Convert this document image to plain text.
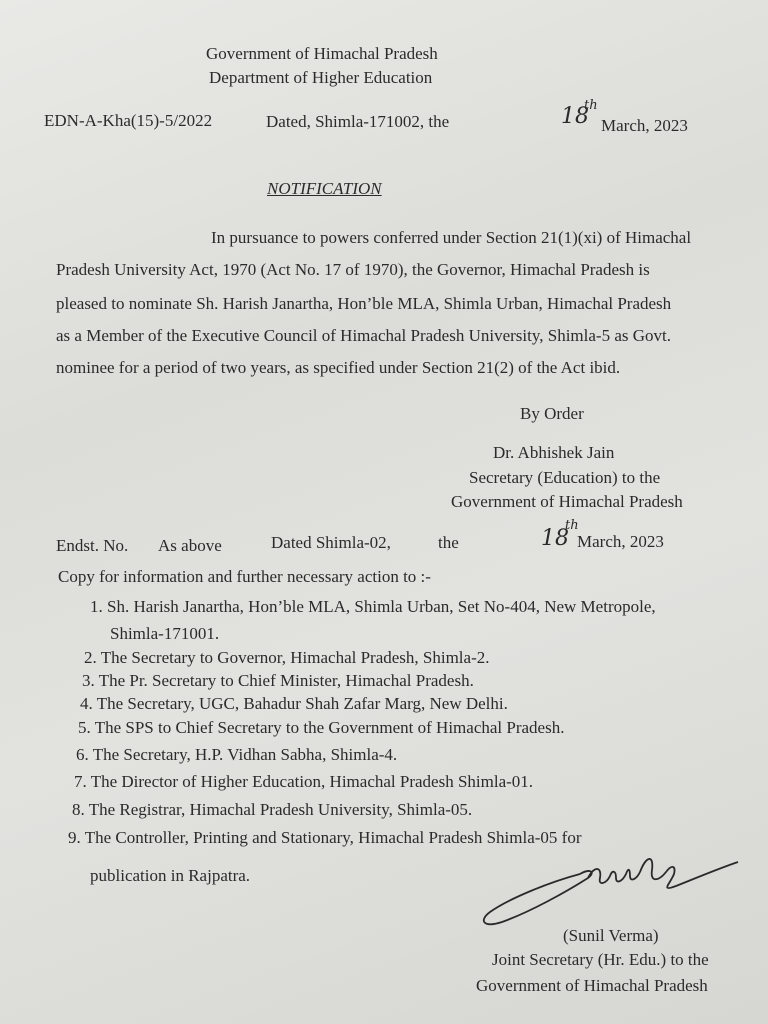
Government of Himachal Pradesh
Department of Higher Education
EDN-A-Kha(15)-5/2022	Dated, Shimla-171002, the	18
th
March, 2023
NOTIFICATION
In pursuance to powers conferred under Section 21(1)(xi) of Himachal
Pradesh University Act, 1970 (Act No. 17 of 1970), the Governor, Himachal Pradesh is
pleased to nominate Sh. Harish Janartha, Hon’ble MLA, Shimla Urban, Himachal Pradesh
as a Member of the Executive Council of Himachal Pradesh University, Shimla-5 as Govt.
nominee for a period of two years, as specified under Section 21(2) of the Act ibid.
By Order
Dr. Abhishek Jain
Secretary (Education) to the
Government of Himachal Pradesh
Endst. No. As above	Dated Shimla-02,	the	18
th
March, 2023
Copy for information and further necessary action to :-
1. Sh. Harish Janartha, Hon’ble MLA, Shimla Urban, Set No-404, New Metropole,
Shimla-171001.
2. The Secretary to Governor, Himachal Pradesh, Shimla-2.
3. The Pr. Secretary to Chief Minister, Himachal Pradesh.
4. The Secretary, UGC, Bahadur Shah Zafar Marg, New Delhi.
5. The SPS to Chief Secretary to the Government of Himachal Pradesh.
6. The Secretary, H.P. Vidhan Sabha, Shimla-4.
7. The Director of Higher Education, Himachal Pradesh Shimla-01.
8. The Registrar, Himachal Pradesh University, Shimla-05.
9. The Controller, Printing and Stationary, Himachal Pradesh Shimla-05 for
publication in Rajpatra.
(Sunil Verma)
Joint Secretary (Hr. Edu.) to the
Government of Himachal Pradesh
